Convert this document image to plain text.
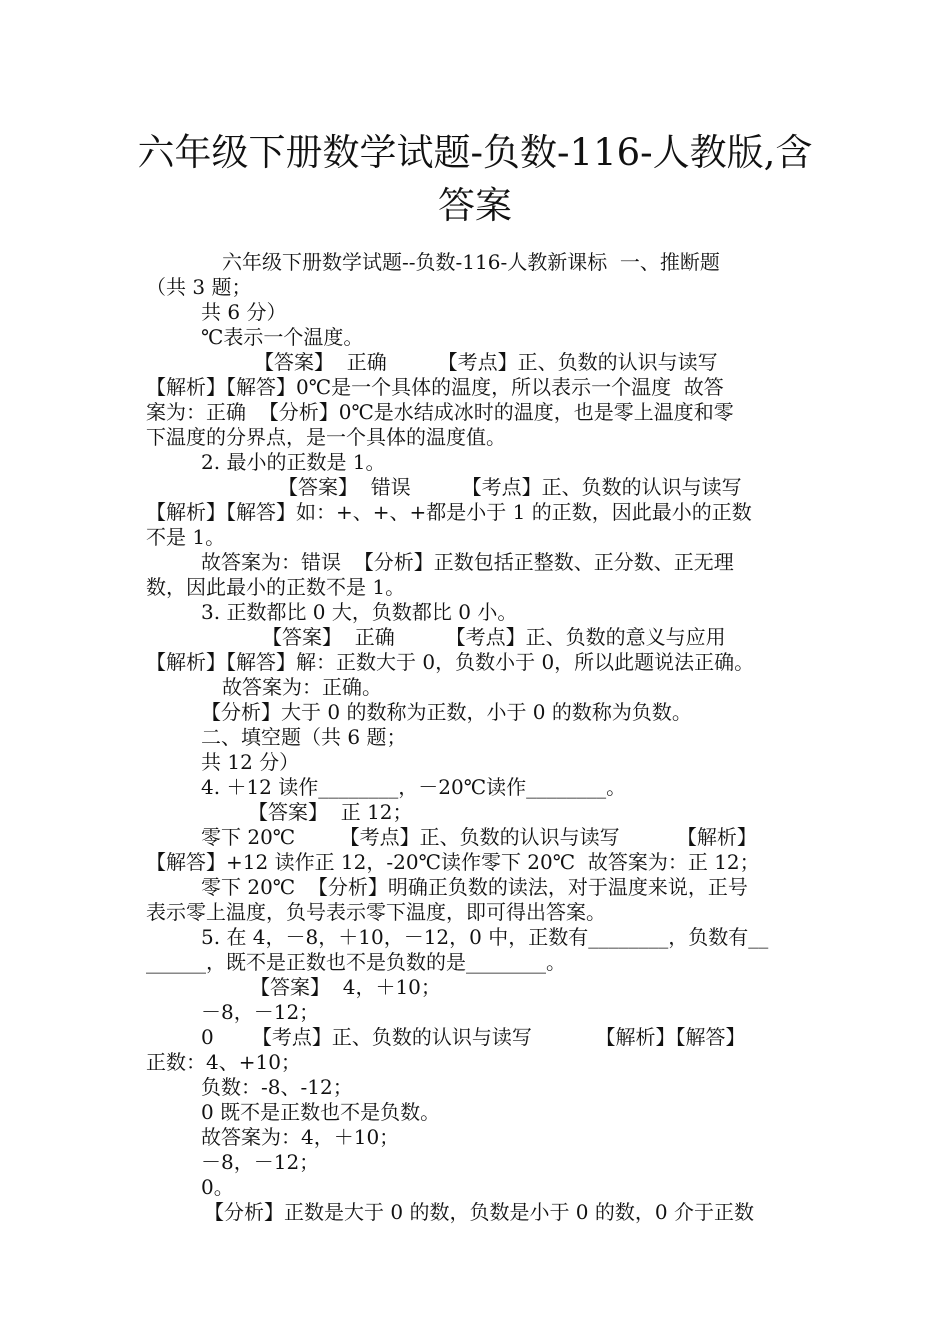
六年级下册数学试题-负数-116-人教版,含
答案
六年级下册数学试题--负数-116-人教新课标  一、推断题
（共 3 题；
共 6 分）
℃表示一个温度。
【答案】  正确        【考点】正、负数的认识与读写
【解析】【解答】0℃是一个具体的温度，所以表示一个温度  故答
案为：正确  【分析】0℃是水结成冰时的温度，也是零上温度和零
下温度的分界点，是一个具体的温度值。
2. 最小的正数是 1。
【答案】  错误        【考点】正、负数的认识与读写
【解析】【解答】如：+、+、+都是小于 1 的正数，因此最小的正数
不是 1。
故答案为：错误  【分析】正数包括正整数、正分数、正无理
数，因此最小的正数不是 1。
3. 正数都比 0 大，负数都比 0 小。
【答案】  正确        【考点】正、负数的意义与应用
【解析】【解答】解：正数大于 0，负数小于 0，所以此题说法正确。
故答案为：正确。
【分析】大于 0 的数称为正数，小于 0 的数称为负数。
二、填空题（共 6 题；
共 12 分）
4. ＋12 读作________，－20℃读作________。
【答案】  正 12；
零下 20℃       【考点】正、负数的认识与读写         【解析】
【解答】+12 读作正 12，-20℃读作零下 20℃  故答案为：正 12；
零下 20℃  【分析】明确正负数的读法，对于温度来说，正号
表示零上温度，负号表示零下温度，即可得出答案。
5. 在 4，－8，＋10，－12，0 中，正数有________，负数有__
______，既不是正数也不是负数的是________。
【答案】  4，＋10；
－8，－12；
0      【考点】正、负数的认识与读写          【解析】【解答】
正数：4、+10；
负数：-8、-12；
0 既不是正数也不是负数。
故答案为：4，＋10；
－8，－12；
0。
【分析】正数是大于 0 的数，负数是小于 0 的数，0 介于正数
